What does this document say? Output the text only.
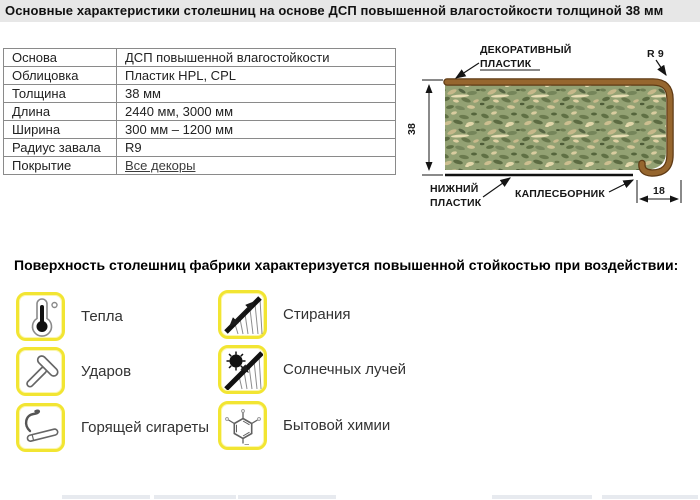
Основные характеристики столешниц на основе ДСП повышенной влагостойкости толщиной 38 мм
Основа	ДСП повышенной влагостойкости
Облицовка	Пластик HPL, CPL
Толщина	38 мм
Длина	2440 мм, 3000 мм
Ширина	300 мм – 1200 мм
Радиус завала	R9
Покрытие	Все декоры
38
ДЕКОРАТИВНЫЙ
ПЛАСТИК
R 9
НИЖНИЙ
ПЛАСТИК
КАПЛЕСБОРНИК	18
Поверхность столешниц фабрики характеризуется повышенной стойкостью при воздействии:
Тепла	Стирания
Ударов	Солнечных лучей
Горящей сигареты	Бытовой химии
